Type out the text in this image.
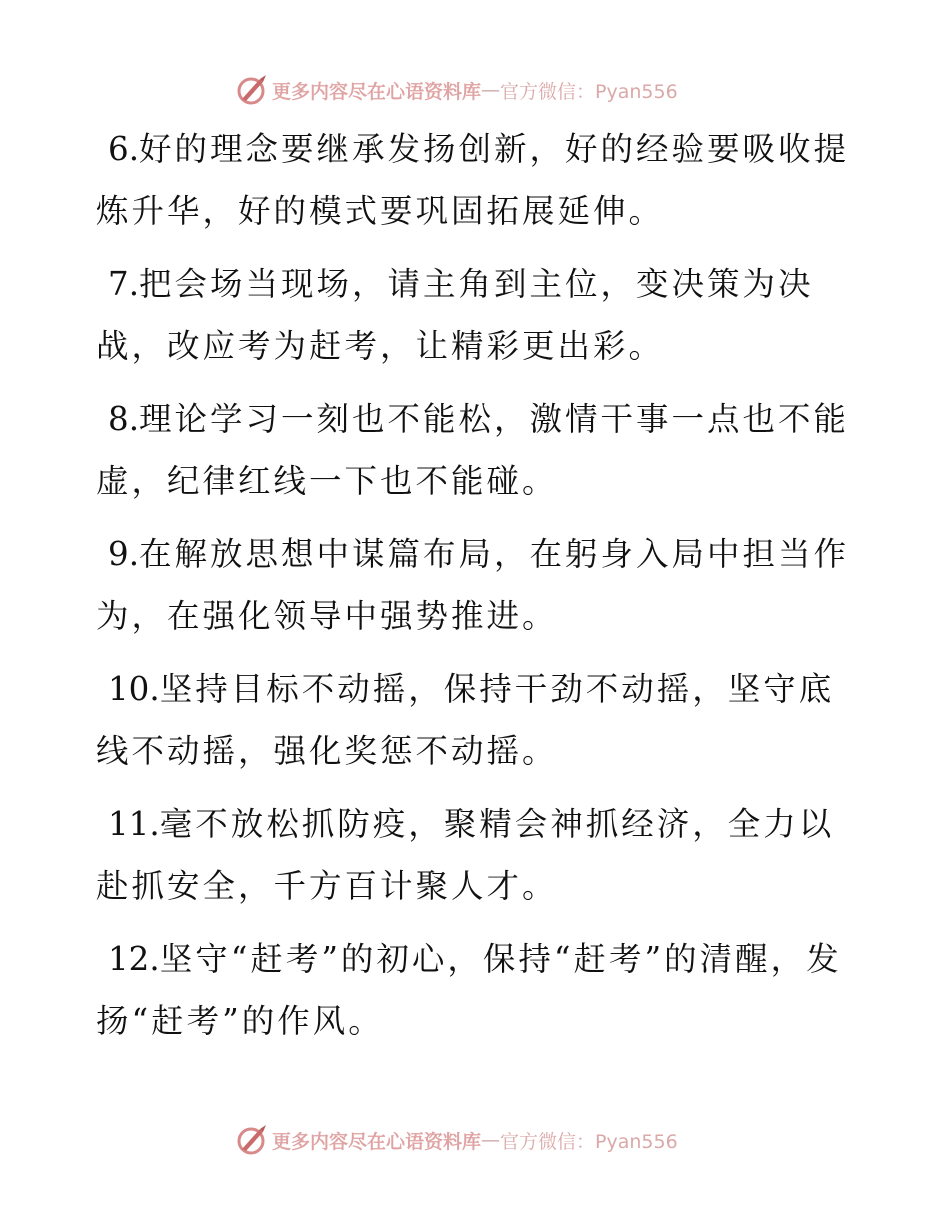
更多内容尽在心语资料库 — 官方微信：Pyan556

6 . 好的理念要继承发扬创新，好的经验要吸收提炼升华，好的模式要巩固拓展延伸。

7 . 把会场当现场，请主角到主位，变决策为决战，改应考为赶考，让精彩更出彩。

8 . 理论学习一刻也不能松，激情干事一点也不能虚，纪律红线一下也不能碰。

9 . 在解放思想中谋篇布局，在躬身入局中担当作为，在强化领导中强势推进。

10 . 坚持目标不动摇，保持干劲不动摇，坚守底线不动摇，强化奖惩不动摇。

11 . 毫不放松抓防疫，聚精会神抓经济，全力以赴抓安全，千方百计聚人才。

12 . 坚守“赶考”的初心，保持“赶考”的清醒，发扬“赶考”的作风。

更多内容尽在心语资料库 — 官方微信：Pyan556
